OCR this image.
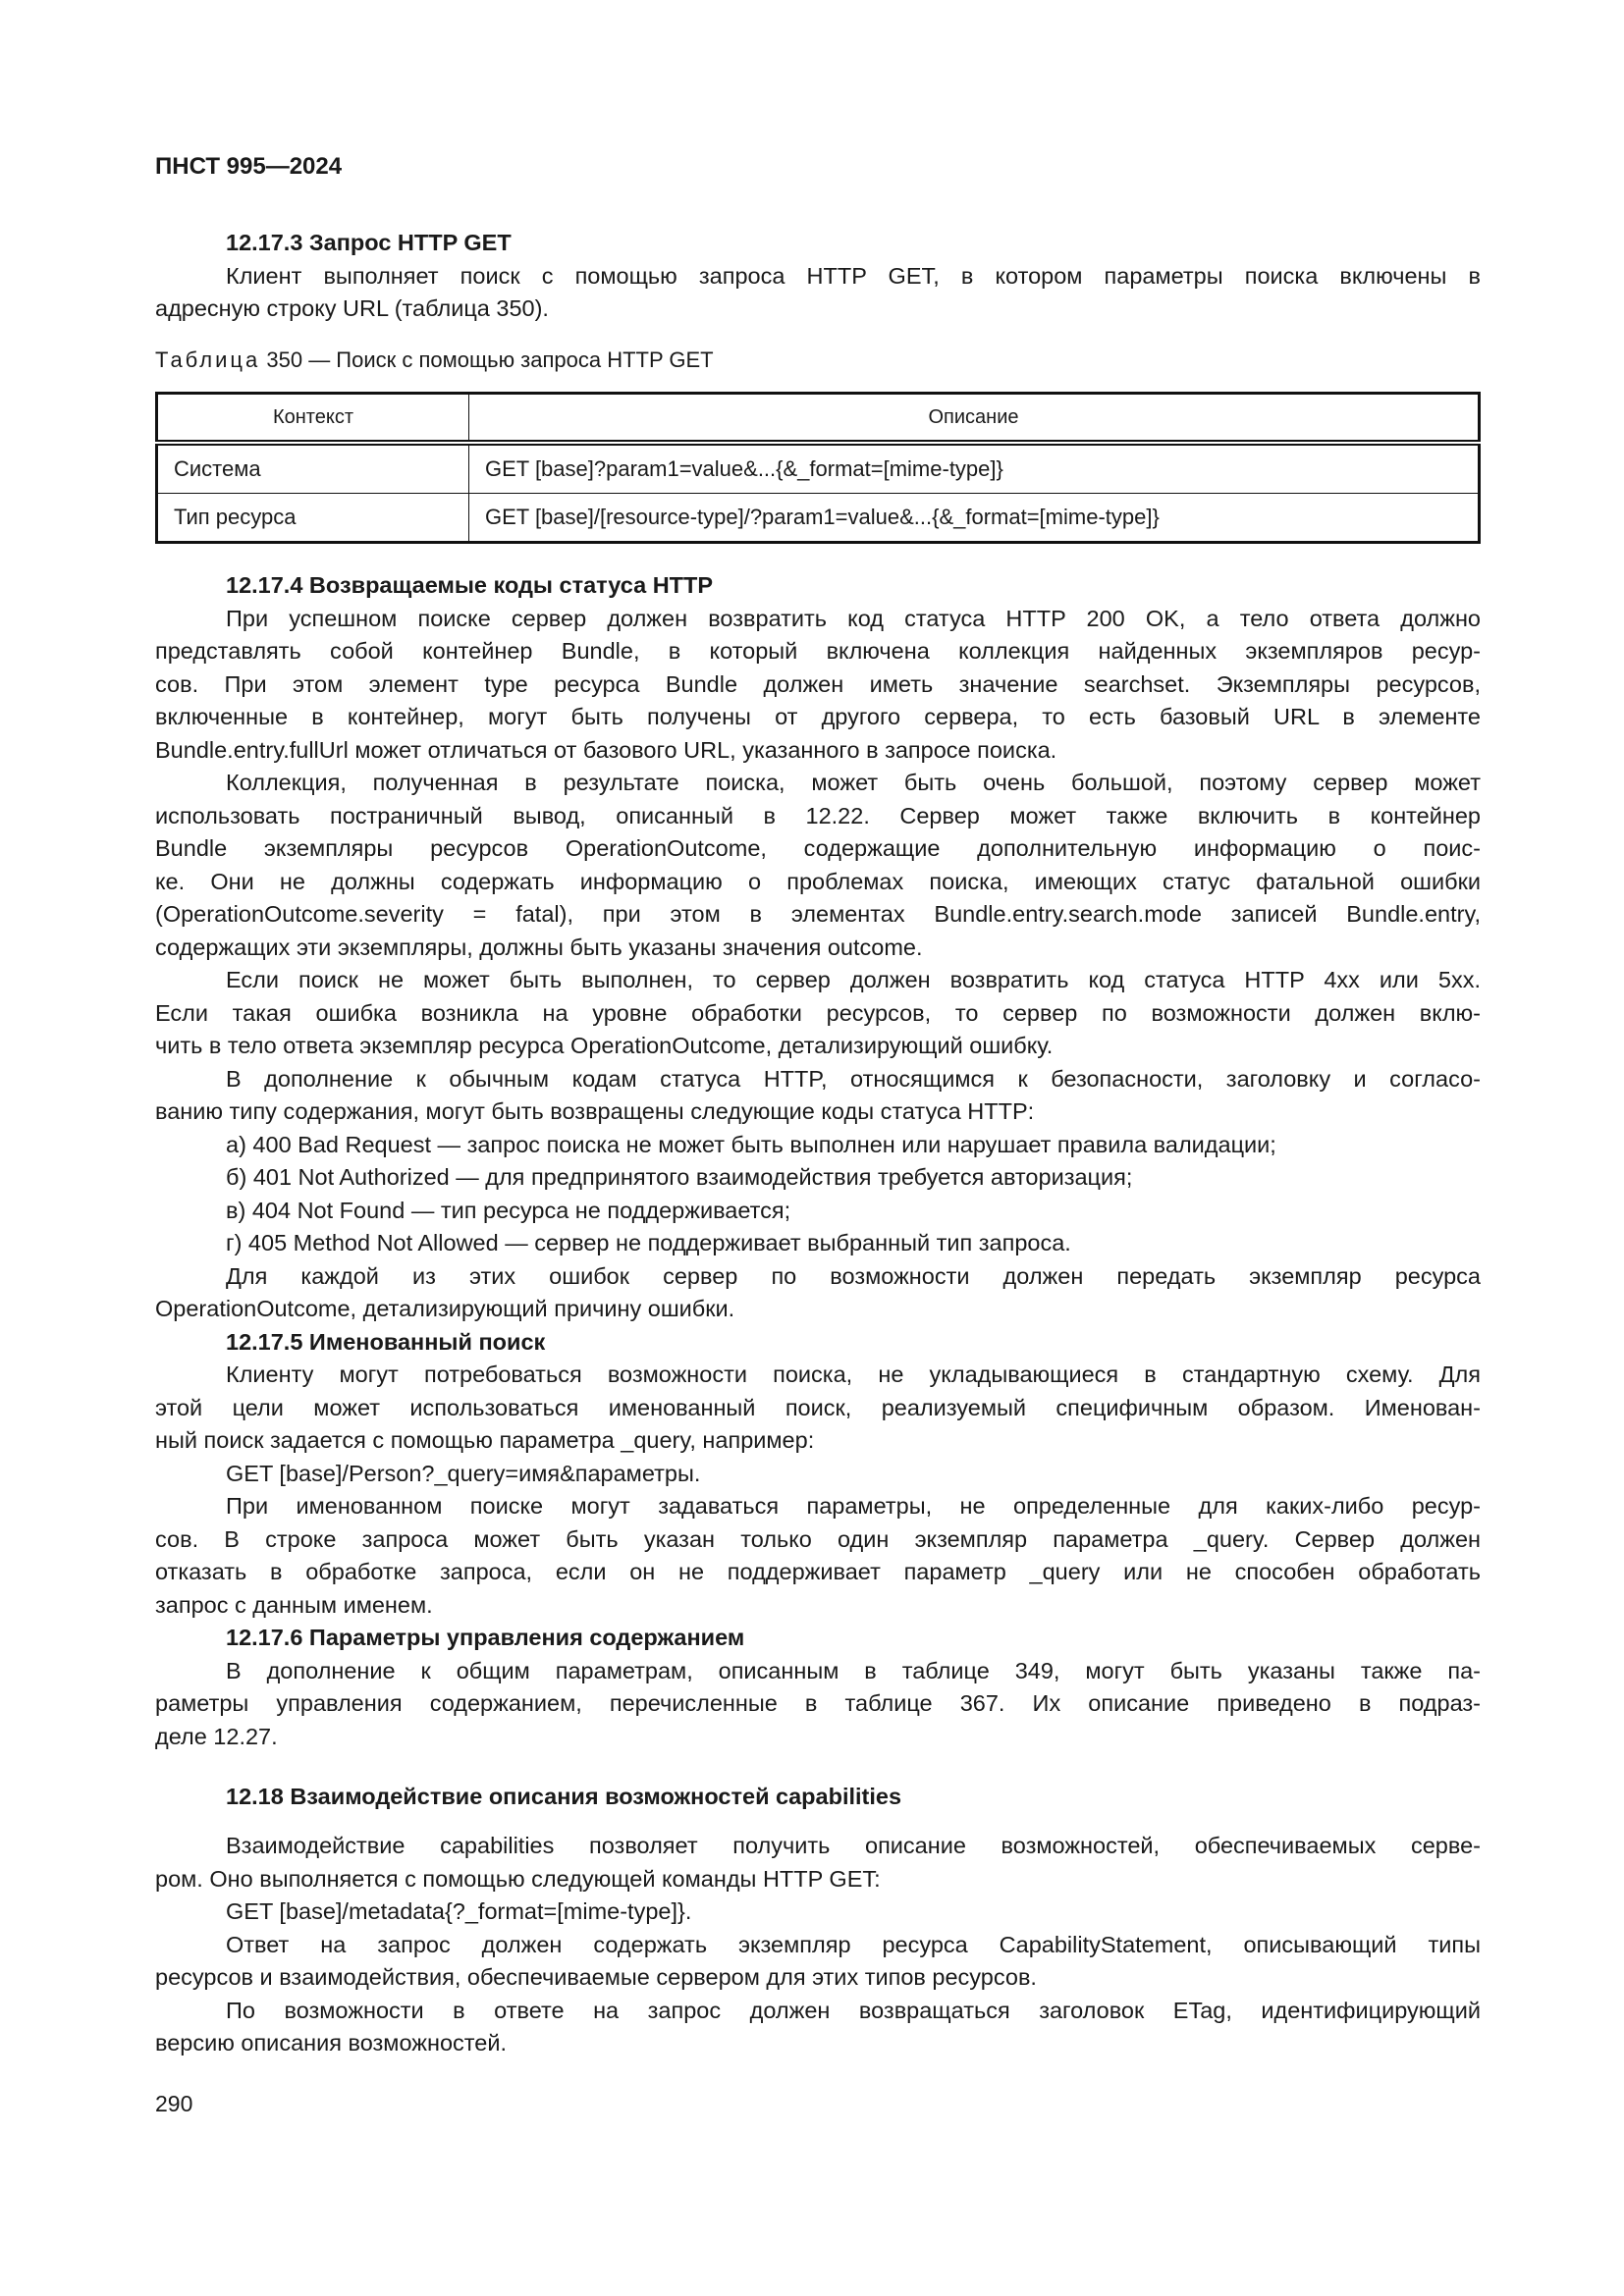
ПНСТ 995—2024
12.17.3 Запрос HTTP GET
Клиент выполняет поиск с помощью запроса HTTP GET, в котором параметры поиска включены в
адресную строку URL (таблица 350).
Таблица 350 — Поиск с помощью запроса HTTP GET
Контекст	Описание
Система	GET [base]?param1=value&...{&_format=[mime-type]}
Тип ресурса	GET [base]/[resource-type]/?param1=value&...{&_format=[mime-type]}
12.17.4 Возвращаемые коды статуса HTTP
При успешном поиске сервер должен возвратить код статуса HTTP 200 OK, а тело ответа должно
представлять собой контейнер Bundle, в который включена коллекция найденных экземпляров ресур-
сов. При этом элемент type ресурса Bundle должен иметь значение searchset. Экземпляры ресурсов,
включенные в контейнер, могут быть получены от другого сервера, то есть базовый URL в элементе
Bundle.entry.fullUrl может отличаться от базового URL, указанного в запросе поиска.
Коллекция, полученная в результате поиска, может быть очень большой, поэтому сервер может
использовать постраничный вывод, описанный в 12.22. Сервер может также включить в контейнер
Bundle экземпляры ресурсов OperationOutcome, содержащие дополнительную информацию о поис-
ке. Они не должны содержать информацию о проблемах поиска, имеющих статус фатальной ошибки
(OperationOutcome.severity = fatal), при этом в элементах Bundle.entry.search.mode записей Bundle.entry,
содержащих эти экземпляры, должны быть указаны значения outcome.
Если поиск не может быть выполнен, то сервер должен возвратить код статуса HTTP 4xx или 5xx.
Если такая ошибка возникла на уровне обработки ресурсов, то сервер по возможности должен вклю-
чить в тело ответа экземпляр ресурса OperationOutcome, детализирующий ошибку.
В дополнение к обычным кодам статуса HTTP, относящимся к безопасности, заголовку и согласо-
ванию типу содержания, могут быть возвращены следующие коды статуса HTTP:
а) 400 Bad Request — запрос поиска не может быть выполнен или нарушает правила валидации;
б) 401 Not Authorized — для предпринятого взаимодействия требуется авторизация;
в) 404 Not Found — тип ресурса не поддерживается;
г) 405 Method Not Allowed — сервер не поддерживает выбранный тип запроса.
Для каждой из этих ошибок сервер по возможности должен передать экземпляр ресурса
OperationOutcome, детализирующий причину ошибки.
12.17.5 Именованный поиск
Клиенту могут потребоваться возможности поиска, не укладывающиеся в стандартную схему. Для
этой цели может использоваться именованный поиск, реализуемый специфичным образом. Именован-
ный поиск задается с помощью параметра _query, например:
GET [base]/Person?_query=имя&параметры.
При именованном поиске могут задаваться параметры, не определенные для каких-либо ресур-
сов. В строке запроса может быть указан только один экземпляр параметра _query. Сервер должен
отказать в обработке запроса, если он не поддерживает параметр _query или не способен обработать
запрос с данным именем.
12.17.6 Параметры управления содержанием
В дополнение к общим параметрам, описанным в таблице 349, могут быть указаны также па-
раметры управления содержанием, перечисленные в таблице 367. Их описание приведено в подраз-
деле 12.27.
12.18 Взаимодействие описания возможностей capabilities
Взаимодействие capabilities позволяет получить описание возможностей, обеспечиваемых серве-
ром. Оно выполняется с помощью следующей команды HTTP GET:
GET [base]/metadata{?_format=[mime-type]}.
Ответ на запрос должен содержать экземпляр ресурса CapabilityStatement, описывающий типы
ресурсов и взаимодействия, обеспечиваемые сервером для этих типов ресурсов.
По возможности в ответе на запрос должен возвращаться заголовок ETag, идентифицирующий
версию описания возможностей.
290
